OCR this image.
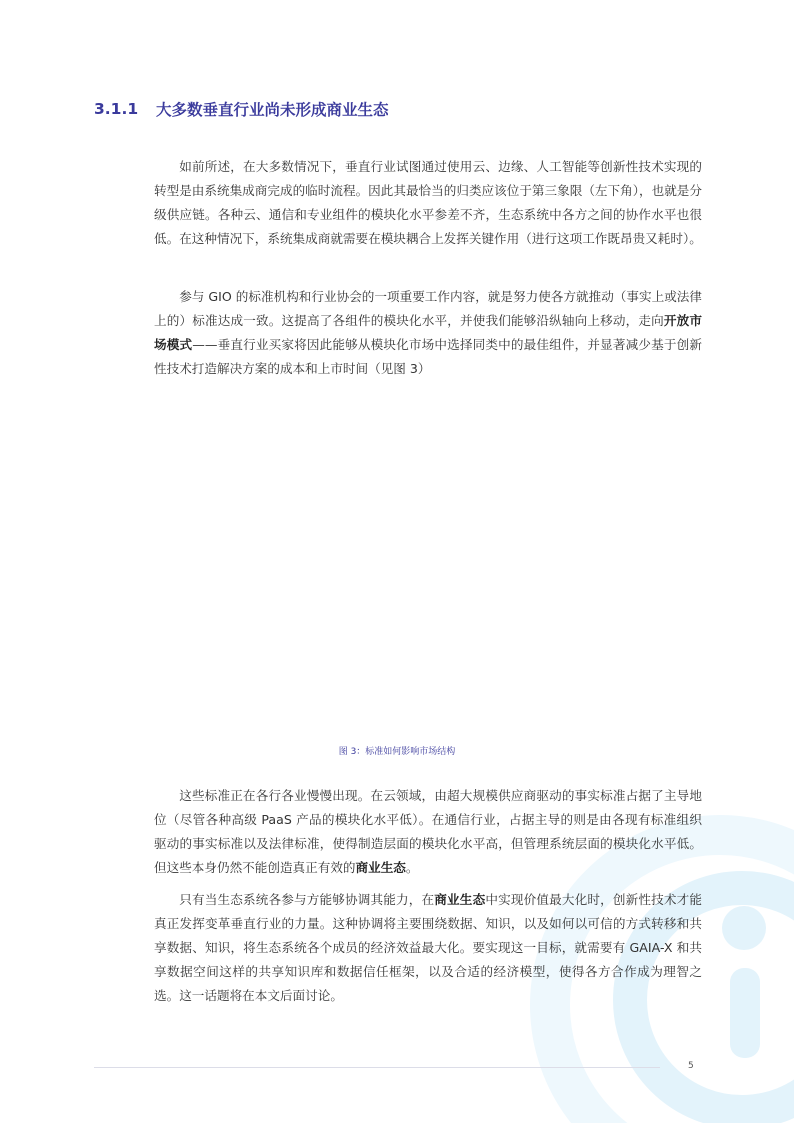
3.1.1	大多数垂直行业尚未形成商业生态

如前所述，在大多数情况下，垂直行业试图通过使用云、边缘、人工智能等创新性技术实现的转型是由系统集成商完成的临时流程。因此其最恰当的归类应该位于第三象限（左下角），也就是分级供应链。各种云、通信和专业组件的模块化水平参差不齐，生态系统中各方之间的协作水平也很低。在这种情况下，系统集成商就需要在模块耦合上发挥关键作用（进行这项工作既昂贵又耗时）。

参与 GIO 的标准机构和行业协会的一项重要工作内容，就是努力使各方就推动（事实上或法律上的）标准达成一致。这提高了各组件的模块化水平，并使我们能够沿纵轴向上移动，走向开放市场模式——垂直行业买家将因此能够从模块化市场中选择同类中的最佳组件，并显著减少基于创新性技术打造解决方案的成本和上市时间（见图 3）

图 3：标准如何影响市场结构

这些标准正在各行各业慢慢出现。在云领域，由超大规模供应商驱动的事实标准占据了主导地位（尽管各种高级 PaaS 产品的模块化水平低）。在通信行业，占据主导的则是由各现有标准组织驱动的事实标准以及法律标准，使得制造层面的模块化水平高，但管理系统层面的模块化水平低。但这些本身仍然不能创造真正有效的商业生态。

只有当生态系统各参与方能够协调其能力，在商业生态中实现价值最大化时，创新性技术才能真正发挥变革垂直行业的力量。这种协调将主要围绕数据、知识，以及如何以可信的方式转移和共享数据、知识，将生态系统各个成员的经济效益最大化。要实现这一目标，就需要有 GAIA-X 和共享数据空间这样的共享知识库和数据信任框架，以及合适的经济模型，使得各方合作成为理智之选。这一话题将在本文后面讨论。

5
